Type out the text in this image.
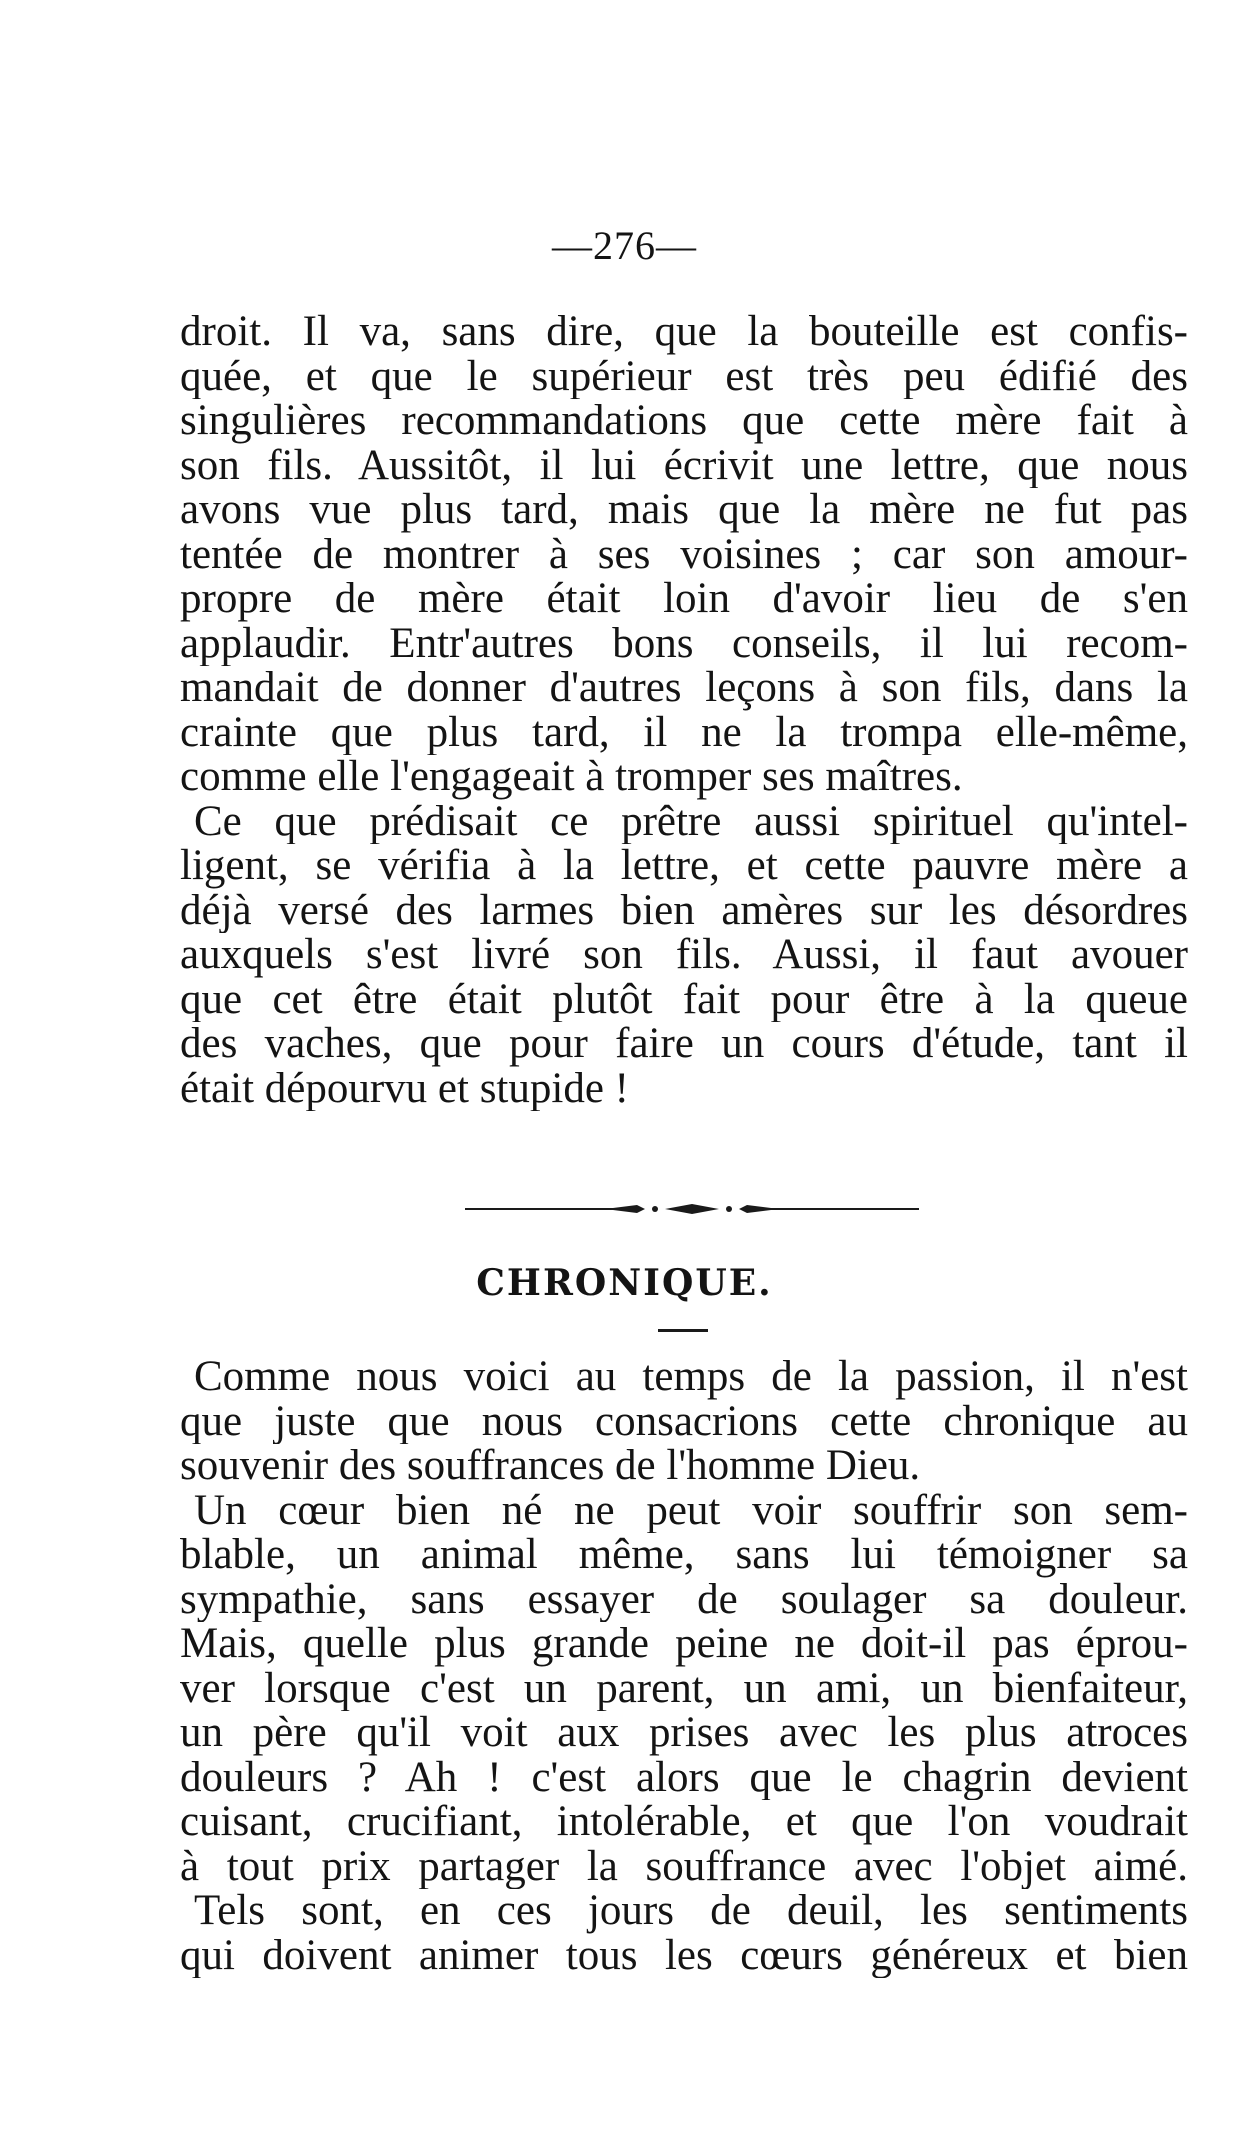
—276—
droit. Il va, sans dire, que la bouteille est confis-
quée, et que le supérieur est très peu édifié des
singulières recommandations que cette mère fait à
son fils. Aussitôt, il lui écrivit une lettre, que nous
avons vue plus tard, mais que la mère ne fut pas
tentée de montrer à ses voisines ; car son amour-
propre de mère était loin d'avoir lieu de s'en
applaudir. Entr'autres bons conseils, il lui recom-
mandait de donner d'autres leçons à son fils, dans la
crainte que plus tard, il ne la trompa elle-même,
comme elle l'engageait à tromper ses maîtres.
Ce que prédisait ce prêtre aussi spirituel qu'intel-
ligent, se vérifia à la lettre, et cette pauvre mère a
déjà versé des larmes bien amères sur les désordres
auxquels s'est livré son fils. Aussi, il faut avouer
que cet être était plutôt fait pour être à la queue
des vaches, que pour faire un cours d'étude, tant il
était dépourvu et stupide !
CHRONIQUE.
Comme nous voici au temps de la passion, il n'est
que juste que nous consacrions cette chronique au
souvenir des souffrances de l'homme Dieu.
Un cœur bien né ne peut voir souffrir son sem-
blable, un animal même, sans lui témoigner sa
sympathie, sans essayer de soulager sa douleur.
Mais, quelle plus grande peine ne doit-il pas éprou-
ver lorsque c'est un parent, un ami, un bienfaiteur,
un père qu'il voit aux prises avec les plus atroces
douleurs ? Ah ! c'est alors que le chagrin devient
cuisant, crucifiant, intolérable, et que l'on voudrait
à tout prix partager la souffrance avec l'objet aimé.
Tels sont, en ces jours de deuil, les sentiments
qui doivent animer tous les cœurs généreux et bien
